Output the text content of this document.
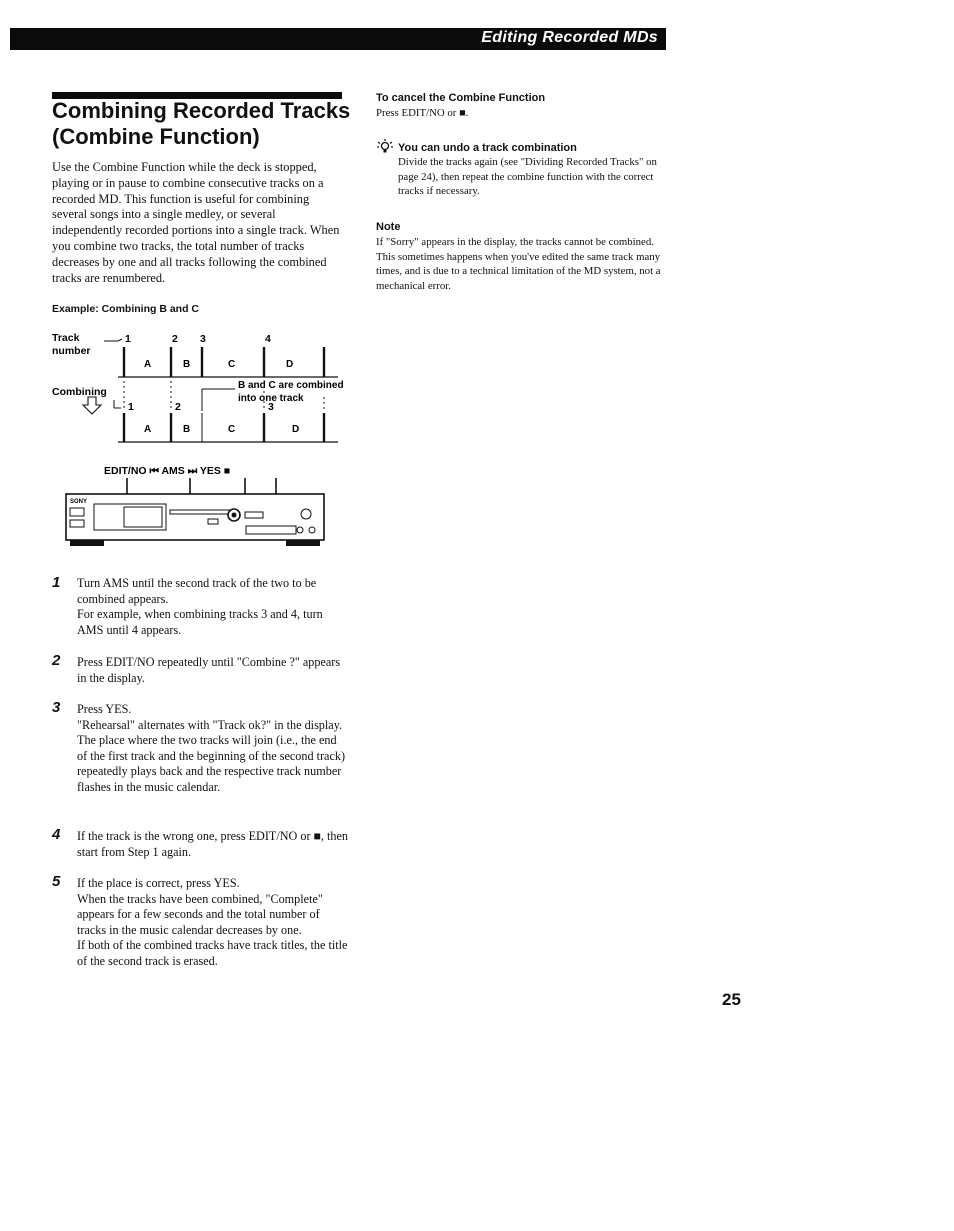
Editing Recorded MDs
Combining Recorded Tracks (Combine Function)

Use the Combine Function while the deck is stopped, playing or in pause to combine consecutive tracks on a recorded MD. This function is useful for combining several songs into a single medley, or several independently recorded portions into a single track. When you combine two tracks, the total number of tracks decreases by one and all tracks following the combined tracks are renumbered.

Example: Combining B and C
Track
number
1	2 3	4
A	B	C	D
Combining
B and C are combined
into one track
1	2	3
A	B	C	D
EDIT/NO ⏮ AMS ⏭ YES ■
SONY
1 Turn AMS until the second track of the two to be combined appears.

For example, when combining tracks 3 and 4, turn AMS until 4 appears.

2 Press EDIT/NO repeatedly until "Combine ?" appears in the display.

3 Press YES.

"Rehearsal" alternates with "Track ok?" in the display. The place where the two tracks will join (i.e., the end of the first track and the beginning of the second track) repeatedly plays back and the respective track number flashes in the music calendar.

4 If the track is the wrong one, press EDIT/NO or ■, then start from Step 1 again.

5 If the place is correct, press YES.

When the tracks have been combined, "Complete" appears for a few seconds and the total number of tracks in the music calendar decreases by one.

If both of the combined tracks have track titles, the title of the second track is erased.

To cancel the Combine Function

Press EDIT/NO or ■.

You can undo a track combination

Divide the tracks again (see "Dividing Recorded Tracks" on page 24), then repeat the combine function with the correct tracks if necessary.

Note

If "Sorry" appears in the display, the tracks cannot be combined. This sometimes happens when you've edited the same track many times, and is due to a technical limitation of the MD system, not a mechanical error.

25
